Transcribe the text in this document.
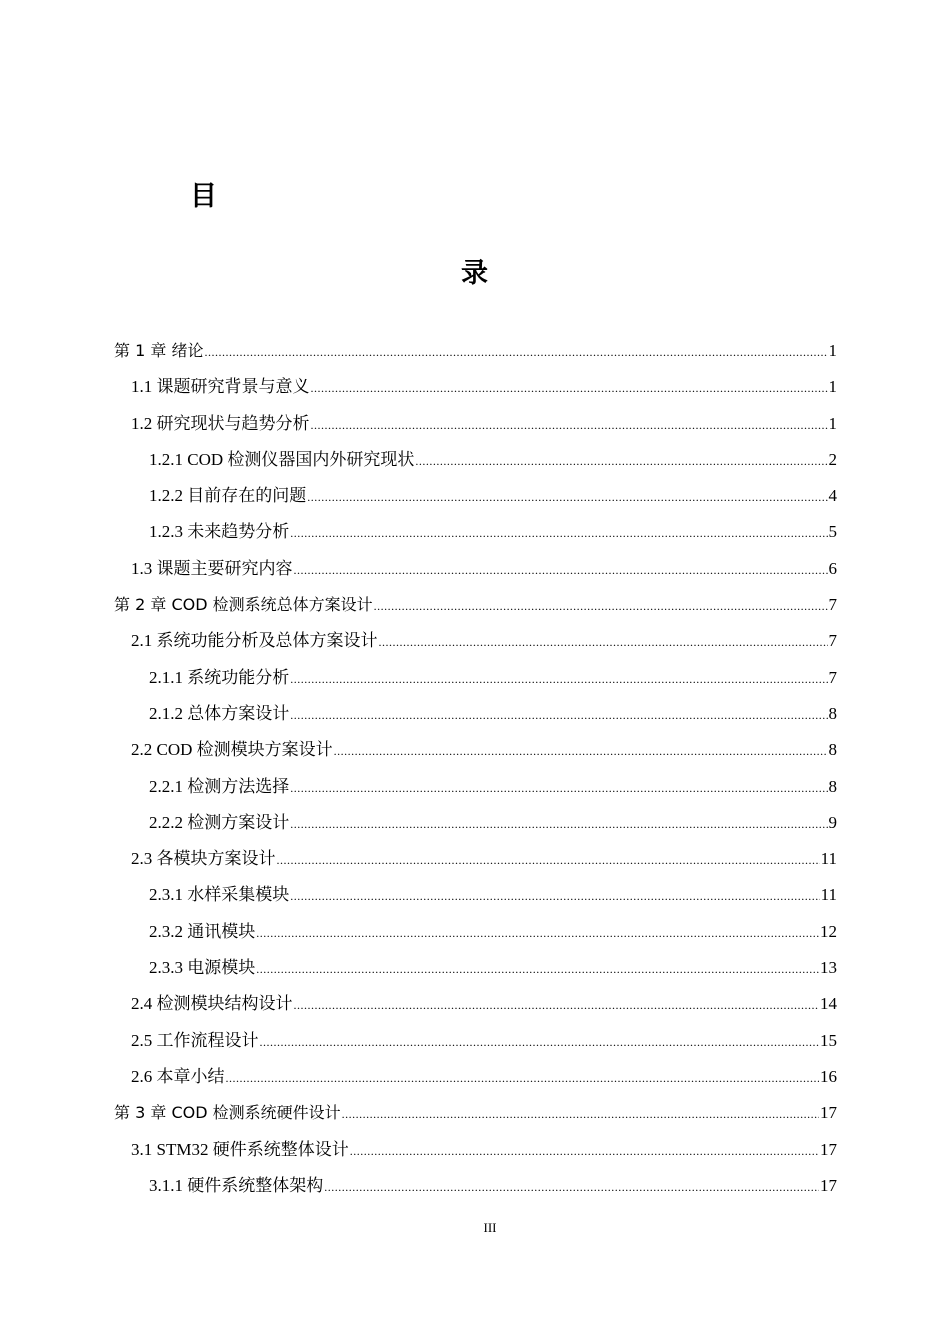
目
录
第 1 章 绪论 .....	1
1.1 课题研究背景与意义 .....	1
1.2 研究现状与趋势分析 .....	1
1.2.1 COD 检测仪器国内外研究现状 .....	2
1.2.2 目前存在的问题 .....	4
1.2.3 未来趋势分析 .....	5
1.3 课题主要研究内容 .....	6
第 2 章 COD 检测系统总体方案设计 .....	7
2.1 系统功能分析及总体方案设计 .....	7
2.1.1 系统功能分析 .....	7
2.1.2 总体方案设计 .....	8
2.2 COD 检测模块方案设计 .....	8
2.2.1 检测方法选择 .....	8
2.2.2 检测方案设计 .....	9
2.3 各模块方案设计 .....	11
2.3.1 水样采集模块 .....	11
2.3.2 通讯模块 .....	12
2.3.3 电源模块 .....	13
2.4 检测模块结构设计 .....	14
2.5 工作流程设计 .....	15
2.6 本章小结 .....	16
第 3 章 COD 检测系统硬件设计 .....	17
3.1 STM32 硬件系统整体设计 .....	17
3.1.1 硬件系统整体架构 .....	17
III
